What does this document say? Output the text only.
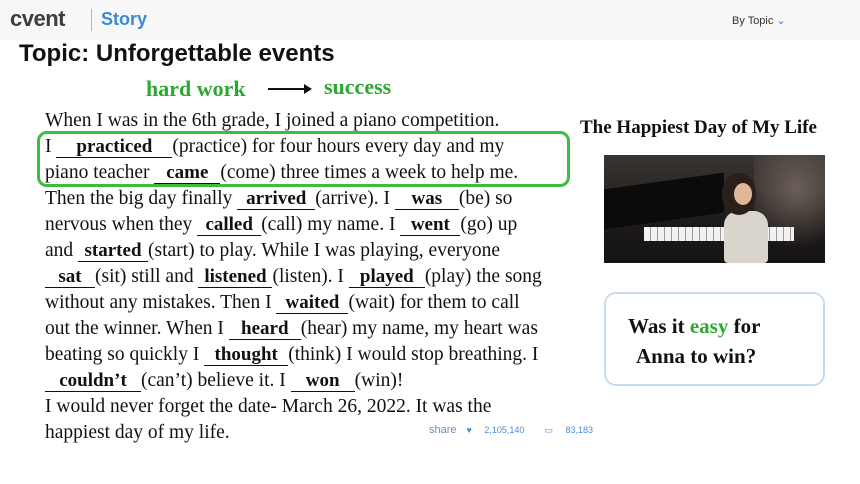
cvent Story	By Topic ⌄
Topic: Unforgettable events
hard work	success
When I was in the 6th grade, I joined a piano competition.
I practiced (practice) for four hours every day and my
piano teacher came (come) three times a week to help me.
Then the big day finally arrived (arrive). I was (be) so
nervous when they called (call) my name. I went (go) up
and started (start) to play. While I was playing, everyone
sat (sit) still and listened (listen). I played (play) the song
without any mistakes. Then I waited (wait) for them to call
out the winner. When I heard (hear) my name, my heart was
beating so quickly I thought (think) I would stop breathing. I
couldn’t (can’t) believe it. I won (win)!
I would never forget the date- March 26, 2022. It was the
happiest day of my life.
The Happiest Day of My Life
Was it easy for
Anna to win?
share ♥ 2,105,140 ▭ 83,183
